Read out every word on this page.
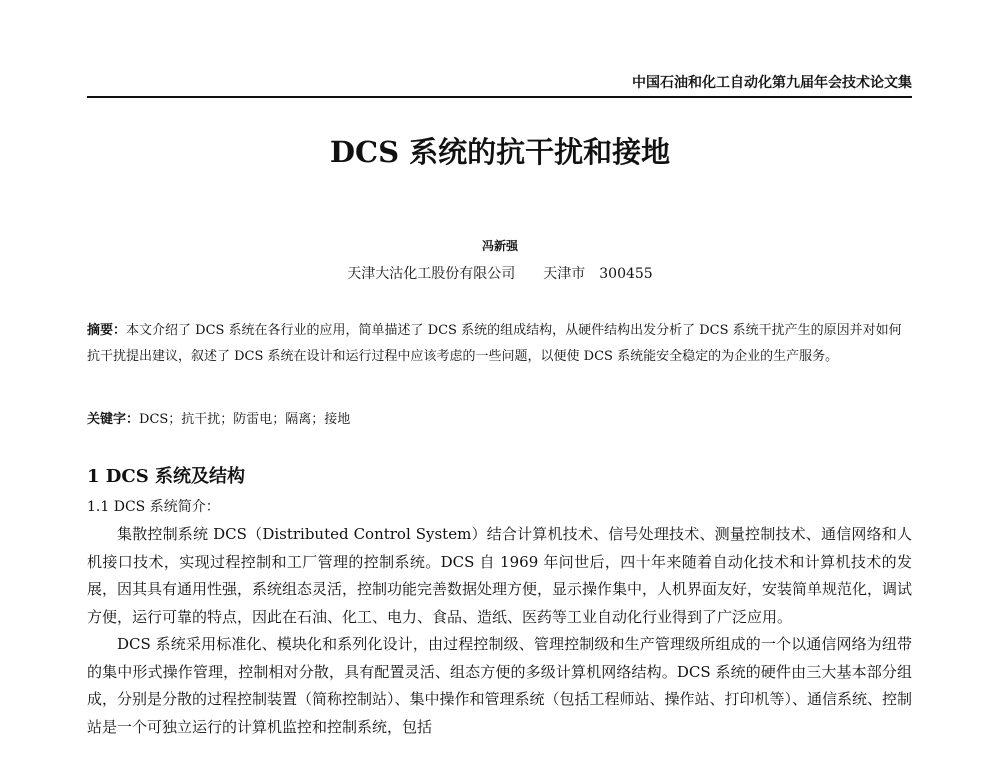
中国石油和化工自动化第九届年会技术论文集
DCS 系统的抗干扰和接地
冯新强
天津大沽化工股份有限公司　　天津市　300455
摘要：本文介绍了 DCS 系统在各行业的应用，简单描述了 DCS 系统的组成结构，从硬件结构出发分析了 DCS 系统干扰产生的原因并对如何抗干扰提出建议，叙述了 DCS 系统在设计和运行过程中应该考虑的一些问题，以便使 DCS 系统能安全稳定的为企业的生产服务。
关键字：DCS；抗干扰；防雷电；隔离；接地
1 DCS 系统及结构
1.1 DCS 系统简介：

集散控制系统 DCS（Distributed Control System）结合计算机技术、信号处理技术、测量控制技术、通信网络和人机接口技术，实现过程控制和工厂管理的控制系统。DCS 自 1969 年问世后，四十年来随着自动化技术和计算机技术的发展，因其具有通用性强，系统组态灵活，控制功能完善数据处理方便，显示操作集中，人机界面友好，安装简单规范化，调试方便，运行可靠的特点，因此在石油、化工、电力、食品、造纸、医药等工业自动化行业得到了广泛应用。

DCS 系统采用标准化、模块化和系列化设计，由过程控制级、管理控制级和生产管理级所组成的一个以通信网络为纽带的集中形式操作管理，控制相对分散，具有配置灵活、组态方便的多级计算机网络结构。DCS 系统的硬件由三大基本部分组成，分别是分散的过程控制装置（简称控制站）、集中操作和管理系统（包括工程师站、操作站、打印机等）、通信系统、控制站是一个可独立运行的计算机监控和控制系统，包括
